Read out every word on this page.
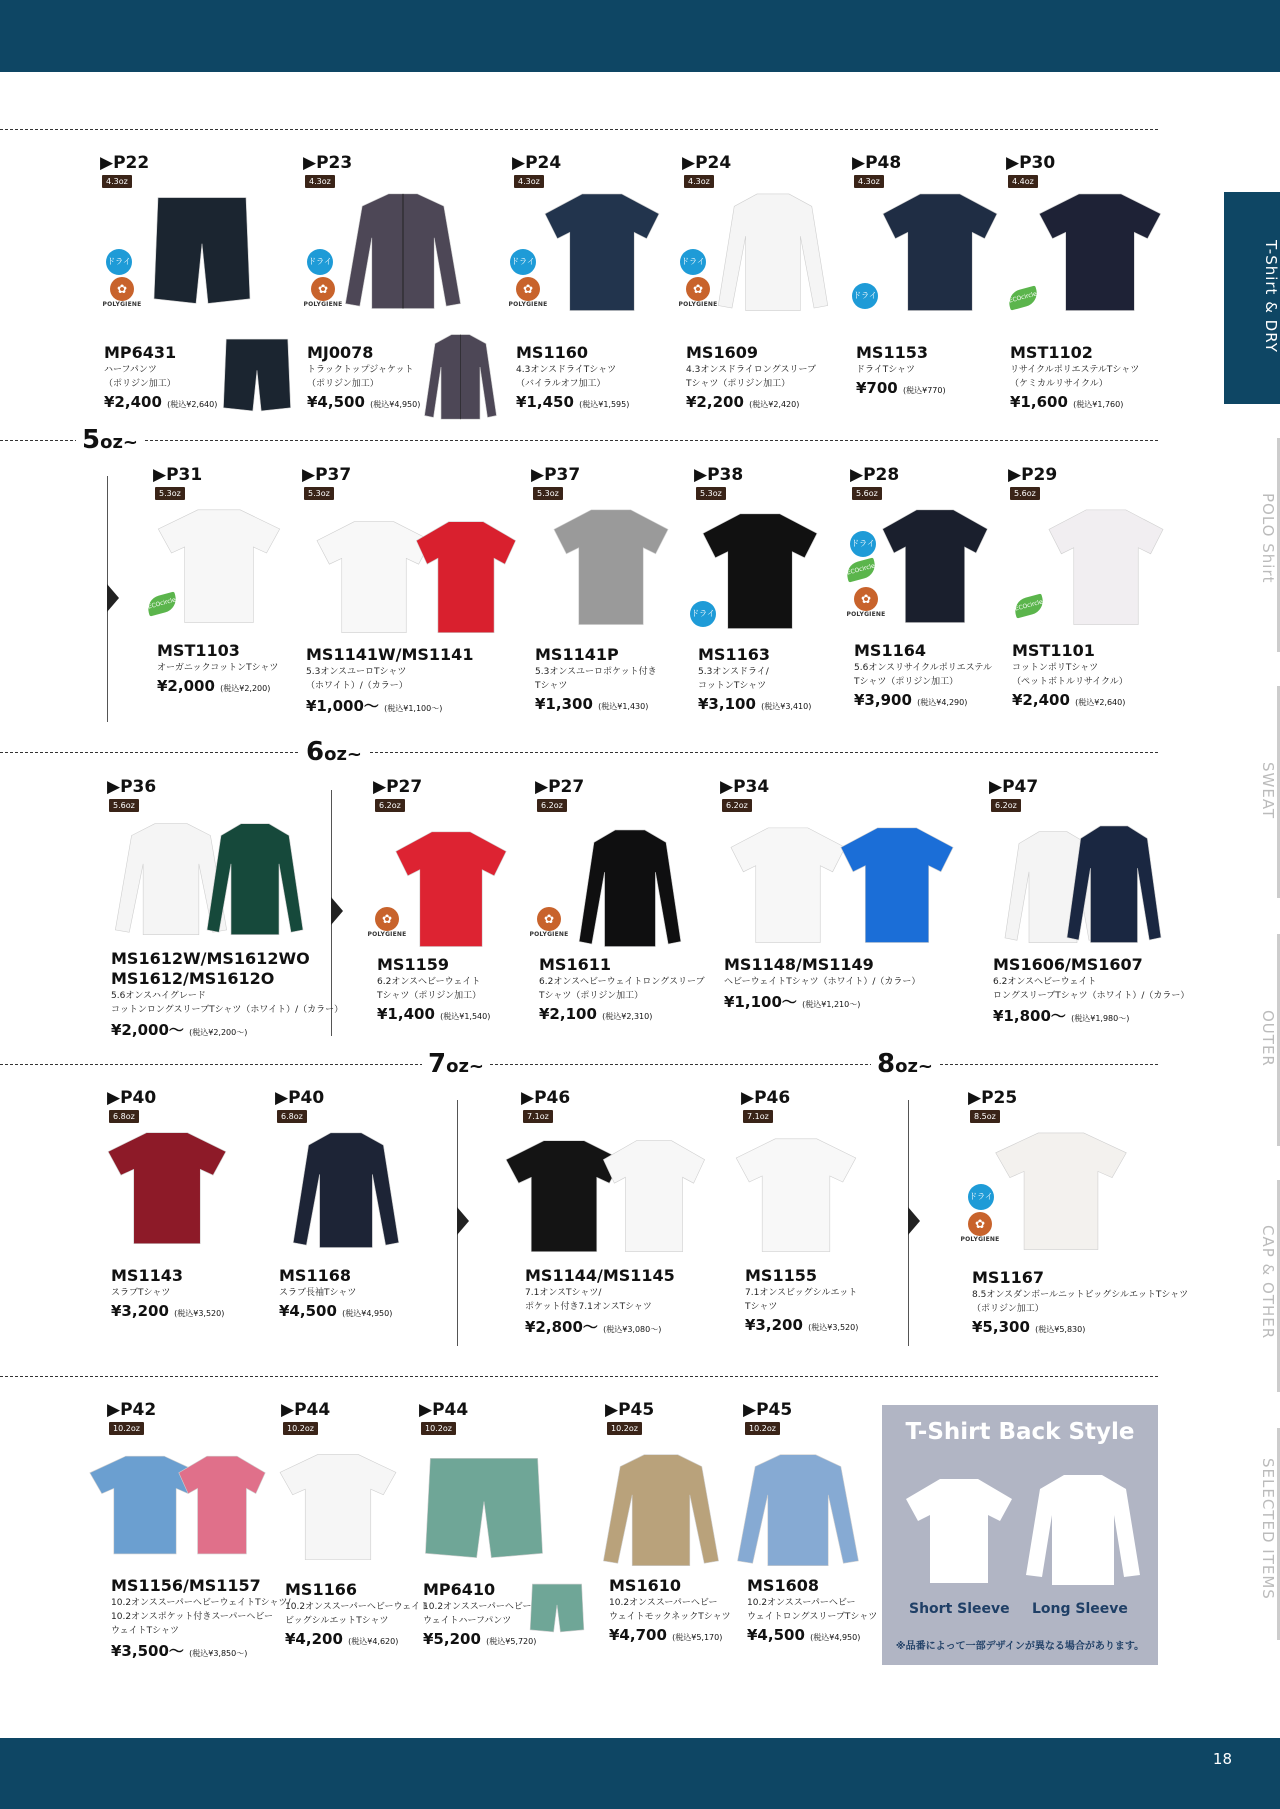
18
T-Shirt & DRY
POLO Shirt
SWEAT
OUTER
CAP & OTHER
SELECTED ITEMS
5oz~
6oz~
7oz~	8oz~
▶P22
4.3oz
ドライ
✿
POLYGIENE
MP6431
ハーフパンツ
（ポリジン加工）
¥2,400 (税込¥2,640)
▶P23
4.3oz
ドライ
✿
POLYGIENE
MJ0078
トラックトップジャケット
（ポリジン加工）
¥4,500 (税込¥4,950)
▶P24
4.3oz
ドライ
✿
POLYGIENE
MS1160
4.3オンスドライTシャツ
（バイラルオフ加工）
¥1,450 (税込¥1,595)
▶P24
4.3oz
ドライ
✿
POLYGIENE
MS1609
4.3オンスドライロングスリーブ
Tシャツ（ポリジン加工）
¥2,200 (税込¥2,420)
▶P48
4.3oz
ドライ
MS1153
ドライTシャツ
¥700 (税込¥770)
▶P30
4.4oz
ECOcircle
MST1102
リサイクルポリエステルTシャツ
（ケミカルリサイクル）
¥1,600 (税込¥1,760)
▶P31
5.3oz
ECOcircle
MST1103
オーガニックコットンTシャツ
¥2,000 (税込¥2,200)
▶P37
5.3oz
MS1141W/MS1141
5.3オンスユーロTシャツ
（ホワイト）/（カラー）
¥1,000〜 (税込¥1,100〜)
▶P37
5.3oz
MS1141P
5.3オンスユーロポケット付き
Tシャツ
¥1,300 (税込¥1,430)
▶P38
5.3oz
ドライ
MS1163
5.3オンスドライ/
コットンTシャツ
¥3,100 (税込¥3,410)
▶P28
5.6oz
ドライ
✿
POLYGIENE
ECOcircle
MS1164
5.6オンスリサイクルポリエステル
Tシャツ（ポリジン加工）
¥3,900 (税込¥4,290)
▶P29
5.6oz
ECOcircle
MST1101
コットンポリTシャツ
（ペットボトルリサイクル）
¥2,400 (税込¥2,640)
▶P36
5.6oz
MS1612W/MS1612WO
MS1612/MS1612O
5.6オンスハイグレード
コットンロングスリーブTシャツ（ホワイト）/（カラー）
¥2,000〜 (税込¥2,200〜)
▶P27
6.2oz
✿
POLYGIENE
MS1159
6.2オンスヘビーウェイト
Tシャツ（ポリジン加工）
¥1,400 (税込¥1,540)
▶P27
6.2oz
✿
POLYGIENE
MS1611
6.2オンスヘビーウェイトロングスリーブ
Tシャツ（ポリジン加工）
¥2,100 (税込¥2,310)
▶P34
6.2oz
MS1148/MS1149
ヘビーウェイトTシャツ（ホワイト）/（カラー）
¥1,100〜 (税込¥1,210〜)
▶P47
6.2oz
MS1606/MS1607
6.2オンスヘビーウェイト
ロングスリーブTシャツ（ホワイト）/（カラー）
¥1,800〜 (税込¥1,980〜)
▶P40
6.8oz
MS1143
スラブTシャツ
¥3,200 (税込¥3,520)
▶P40
6.8oz
MS1168
スラブ長袖Tシャツ
¥4,500 (税込¥4,950)
▶P46
7.1oz
MS1144/MS1145
7.1オンスTシャツ/
ポケット付き7.1オンスTシャツ
¥2,800〜 (税込¥3,080〜)
▶P46
7.1oz
MS1155
7.1オンスビッグシルエット
Tシャツ
¥3,200 (税込¥3,520)
▶P25
8.5oz
ドライ
✿
POLYGIENE
MS1167
8.5オンスダンボールニットビッグシルエットTシャツ
（ポリジン加工）
¥5,300 (税込¥5,830)
▶P42
10.2oz
MS1156/MS1157
10.2オンススーパーヘビーウェイトTシャツ/
10.2オンスポケット付きスーパーヘビー
ウェイトTシャツ
¥3,500〜 (税込¥3,850〜)
▶P44
10.2oz
MS1166
10.2オンススーパーヘビーウェイト
ビッグシルエットTシャツ
¥4,200 (税込¥4,620)
▶P44
10.2oz
MP6410
10.2オンススーパーヘビー
ウェイトハーフパンツ
¥5,200 (税込¥5,720)
▶P45
10.2oz
MS1610
10.2オンススーパーヘビー
ウェイトモックネックTシャツ
¥4,700 (税込¥5,170)
▶P45
10.2oz
MS1608
10.2オンススーパーヘビー
ウェイトロングスリーブTシャツ
¥4,500 (税込¥4,950)
T-Shirt Back Style
Short Sleeve Long Sleeve
※品番によって一部デザインが異なる場合があります。
